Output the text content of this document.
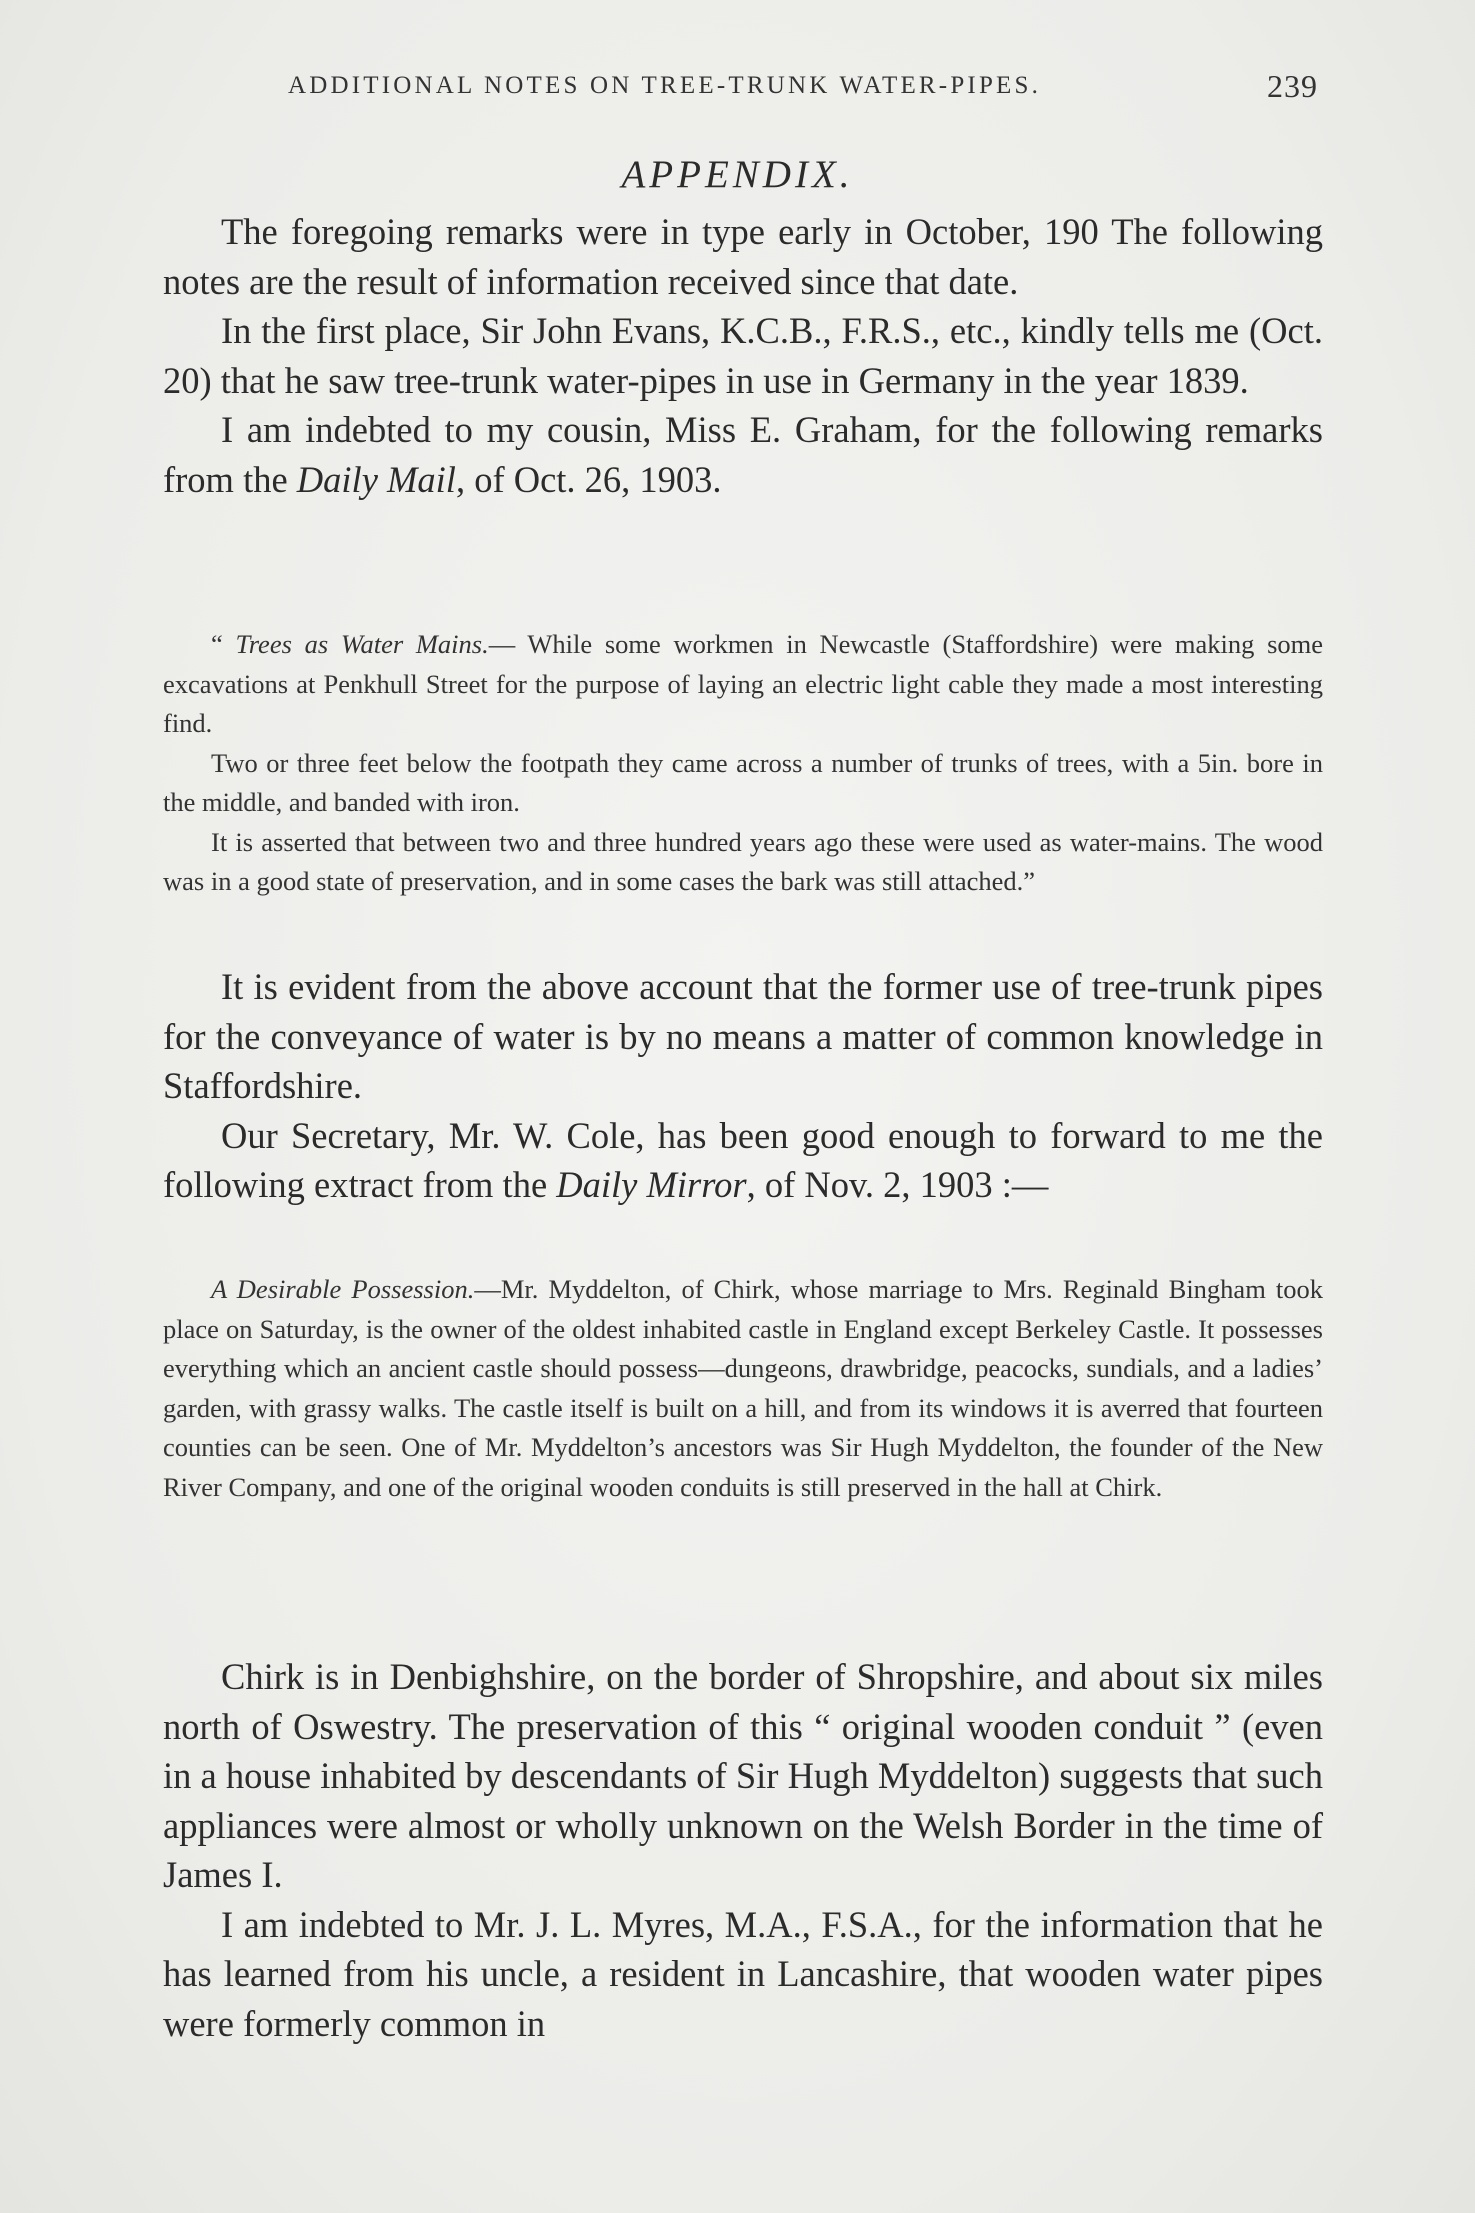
ADDITIONAL NOTES ON TREE-TRUNK WATER-PIPES.	239
APPENDIX.

The foregoing remarks were in type early in October, 190 The following notes are the result of information received since that date.

In the first place, Sir John Evans, K.C.B., F.R.S., etc., kindly tells me (Oct. 20) that he saw tree-trunk water-pipes in use in Germany in the year 1839.

I am indebted to my cousin, Miss E. Graham, for the following remarks from the Daily Mail, of Oct. 26, 1903.

“ Trees as Water Mains.— While some workmen in Newcastle (Staffordshire) were making some excavations at Penkhull Street for the purpose of laying an electric light cable they made a most interesting find.

Two or three feet below the footpath they came across a number of trunks of trees, with a 5in. bore in the middle, and banded with iron.

It is asserted that between two and three hundred years ago these were used as water-mains. The wood was in a good state of preservation, and in some cases the bark was still attached.”

It is evident from the above account that the former use of tree-trunk pipes for the conveyance of water is by no means a matter of common knowledge in Staffordshire.

Our Secretary, Mr. W. Cole, has been good enough to forward to me the following extract from the Daily Mirror, of Nov. 2, 1903 :—

A Desirable Possession.—Mr. Myddelton, of Chirk, whose marriage to Mrs. Reginald Bingham took place on Saturday, is the owner of the oldest inhabited castle in England except Berkeley Castle. It possesses everything which an ancient castle should possess—dungeons, drawbridge, peacocks, sundials, and a ladies’ garden, with grassy walks. The castle itself is built on a hill, and from its windows it is averred that fourteen counties can be seen. One of Mr. Myddelton’s ancestors was Sir Hugh Myddelton, the founder of the New River Company, and one of the original wooden conduits is still preserved in the hall at Chirk.

Chirk is in Denbighshire, on the border of Shropshire, and about six miles north of Oswestry. The preservation of this “ original wooden conduit ” (even in a house inhabited by descendants of Sir Hugh Myddelton) suggests that such appliances were almost or wholly unknown on the Welsh Border in the time of James I.

I am indebted to Mr. J. L. Myres, M.A., F.S.A., for the information that he has learned from his uncle, a resident in Lancashire, that wooden water pipes were formerly common in
